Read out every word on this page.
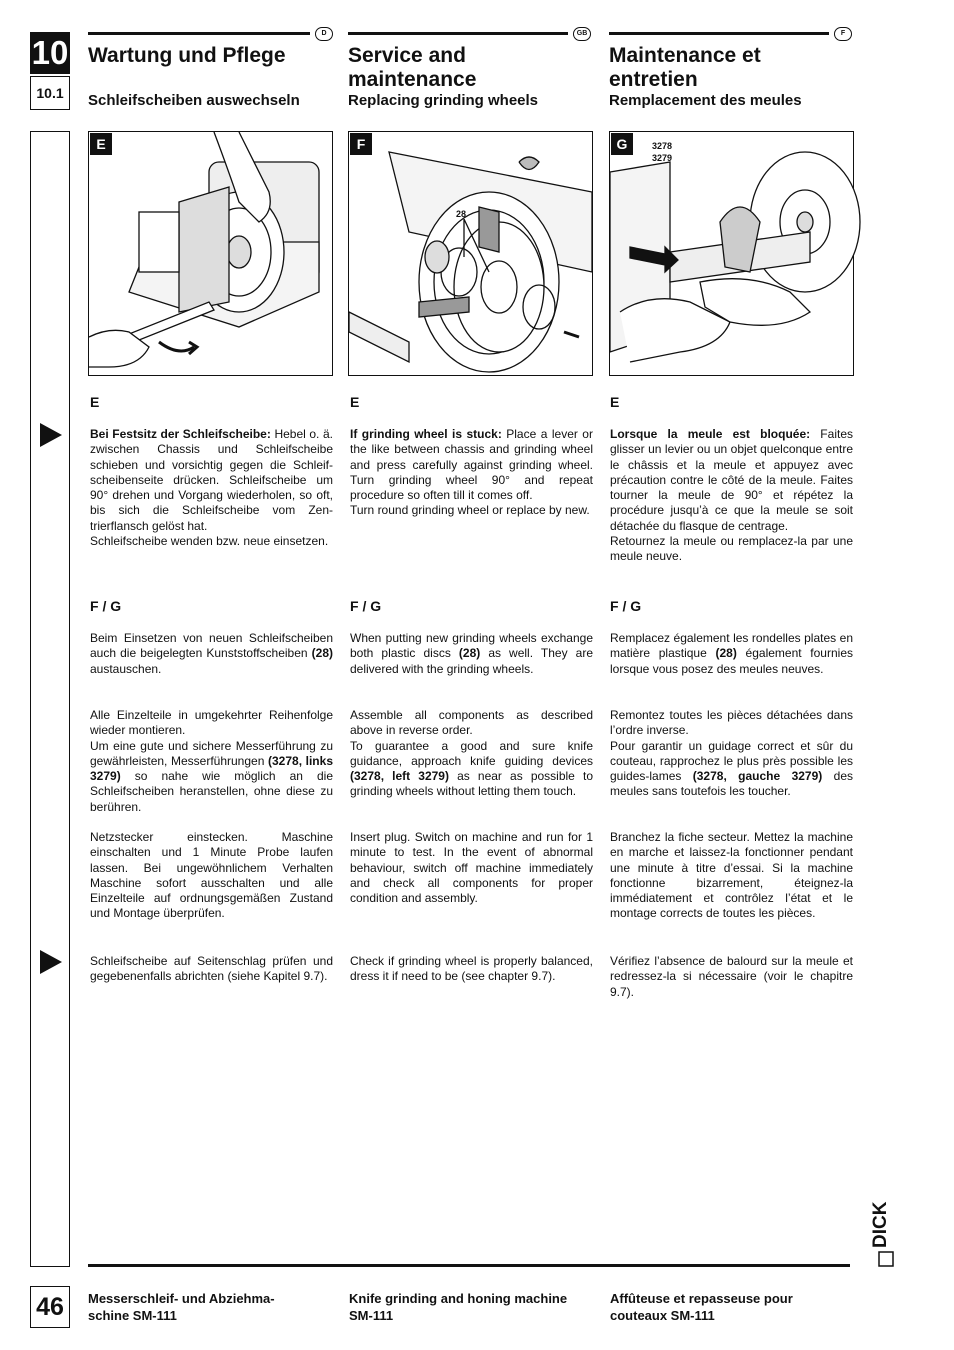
10
10.1
46
D	GB	F
Wartung und Pflege	Service and maintenance
Maintenance et entretien
Schleifscheiben auswechseln	Replacing grinding wheels	Remplacement des meules
E	F
28
G	3278
3279
E
Bei Festsitz der Schleifscheibe: Hebel o. ä. zwischen Chassis und Schleifscheibe schieben und vorsichtig gegen die Schleifscheibenseite drücken. Schleifscheibe um 90° drehen und Vorgang wiederholen, so oft, bis sich die Schleifscheibe vom Zentrierflansch gelöst hat.
Schleifscheibe wenden bzw. neue einsetzen.
F / G
Beim Einsetzen von neuen Schleifscheiben auch die beigelegten Kunststoffscheiben (28) austauschen.
Alle Einzelteile in umgekehrter Reihenfolge wieder montieren.
Um eine gute und sichere Messerführung zu gewährleisten, Messerführungen (3278, links 3279) so nahe wie möglich an die Schleifscheiben heranstellen, ohne diese zu berühren.
Netzstecker einstecken. Maschine einschalten und 1 Minute Probe laufen lassen. Bei ungewöhnlichem Verhalten Maschine sofort ausschalten und alle Einzelteile auf ordnungsgemäßen Zustand und Montage überprüfen.
Schleifscheibe auf Seitenschlag prüfen und gegebenenfalls abrichten (siehe Kapitel 9.7).
E
If grinding wheel is stuck: Place a lever or the like between chassis and grinding wheel and press carefully against grinding wheel. Turn grinding wheel 90° and repeat procedure so often till it comes off.
Turn round grinding wheel or replace by new.
F / G
When putting new grinding wheels exchange both plastic discs (28) as well. They are delivered with the grinding wheels.
Assemble all components as described above in reverse order.
To guarantee a good and sure knife guidance, approach knife guiding devices (3278, left 3279) as near as possible to grinding wheels without letting them touch.
Insert plug. Switch on machine and run for 1 minute to test. In the event of abnormal behaviour, switch off machine immediately and check all components for proper condition and assembly.
Check if grinding wheel is properly balanced, dress it if need to be (see chapter 9.7).
E
Lorsque la meule est bloquée: Faites glisser un levier ou un objet quelconque entre le châssis et la meule et appuyez avec précaution contre le côté de la meule. Faites tourner la meule de 90° et répétez la procédure jusqu’à ce que la meule se soit détachée du flasque de centrage.
Retournez la meule ou remplacez-la par une meule neuve.
F / G
Remplacez également les rondelles plates en matière plastique (28) également fournies lorsque vous posez des meules neuves.
Remontez toutes les pièces détachées dans l’ordre inverse.
Pour garantir un guidage correct et sûr du couteau, rapprochez le plus près possible les guides-lames (3278, gauche 3279) des meules sans toutefois les toucher.
Branchez la fiche secteur. Mettez la machine en marche et laissez-la fonctionner pendant une minute à titre d’essai. Si la machine fonctionne bizarrement, éteignez-la immédiatement et contrôlez l’état et le montage corrects de toutes les pièces.
Vérifiez l’absence de balourd sur la meule et redressez-la si nécessaire (voir le chapitre 9.7).
DICK
Messerschleif- und Abziehmaschine SM-111
Knife grinding and honing machine SM-111
Affûteuse et repasseuse pour couteaux SM-111
